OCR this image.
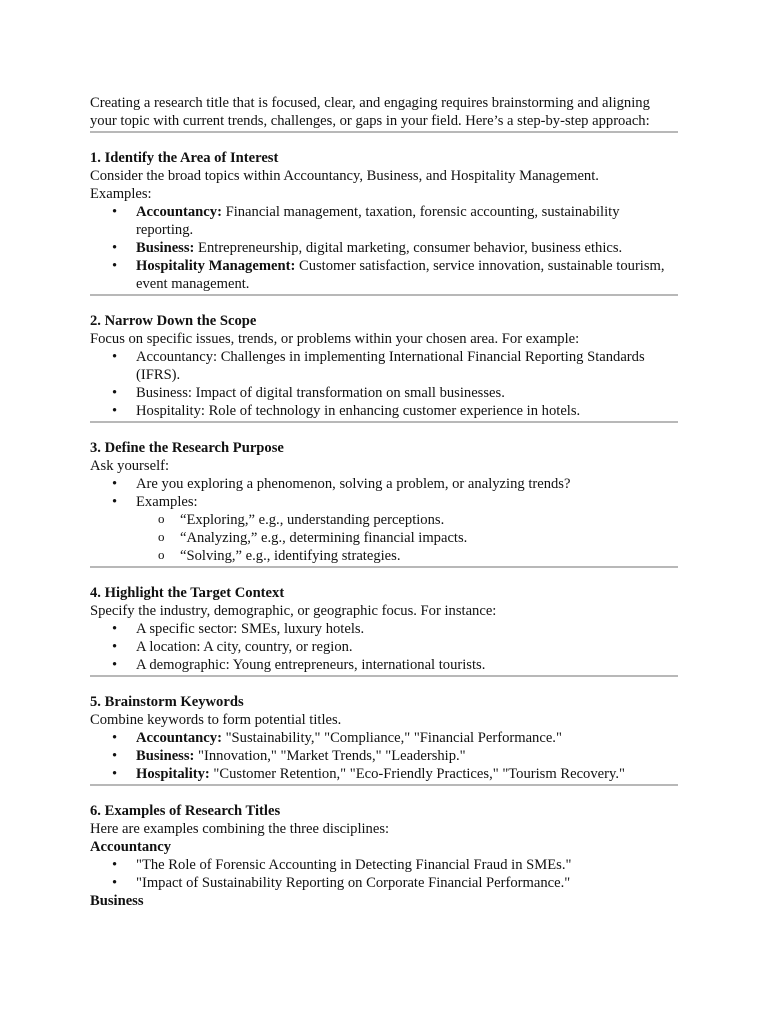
Creating a research title that is focused, clear, and engaging requires brainstorming and aligning your topic with current trends, challenges, or gaps in your field. Here’s a step-by-step approach:

1. Identify the Area of Interest

Consider the broad topics within Accountancy, Business, and Hospitality Management.

Examples:

• Accountancy: Financial management, taxation, forensic accounting, sustainability reporting.
• Business: Entrepreneurship, digital marketing, consumer behavior, business ethics.
• Hospitality Management: Customer satisfaction, service innovation, sustainable tourism, event management.
2. Narrow Down the Scope

Focus on specific issues, trends, or problems within your chosen area. For example:

• Accountancy: Challenges in implementing International Financial Reporting Standards (IFRS).
• Business: Impact of digital transformation on small businesses.
• Hospitality: Role of technology in enhancing customer experience in hotels.
3. Define the Research Purpose

Ask yourself:

• Are you exploring a phenomenon, solving a problem, or analyzing trends?
• Examples:
o “Exploring,” e.g., understanding perceptions.
o “Analyzing,” e.g., determining financial impacts.
o “Solving,” e.g., identifying strategies.
4. Highlight the Target Context

Specify the industry, demographic, or geographic focus. For instance:

• A specific sector: SMEs, luxury hotels.
• A location: A city, country, or region.
• A demographic: Young entrepreneurs, international tourists.
5. Brainstorm Keywords

Combine keywords to form potential titles.

• Accountancy: "Sustainability," "Compliance," "Financial Performance."
• Business: "Innovation," "Market Trends," "Leadership."
• Hospitality: "Customer Retention," "Eco-Friendly Practices," "Tourism Recovery."
6. Examples of Research Titles

Here are examples combining the three disciplines:

Accountancy

• "The Role of Forensic Accounting in Detecting Financial Fraud in SMEs."
• "Impact of Sustainability Reporting on Corporate Financial Performance."

Business
